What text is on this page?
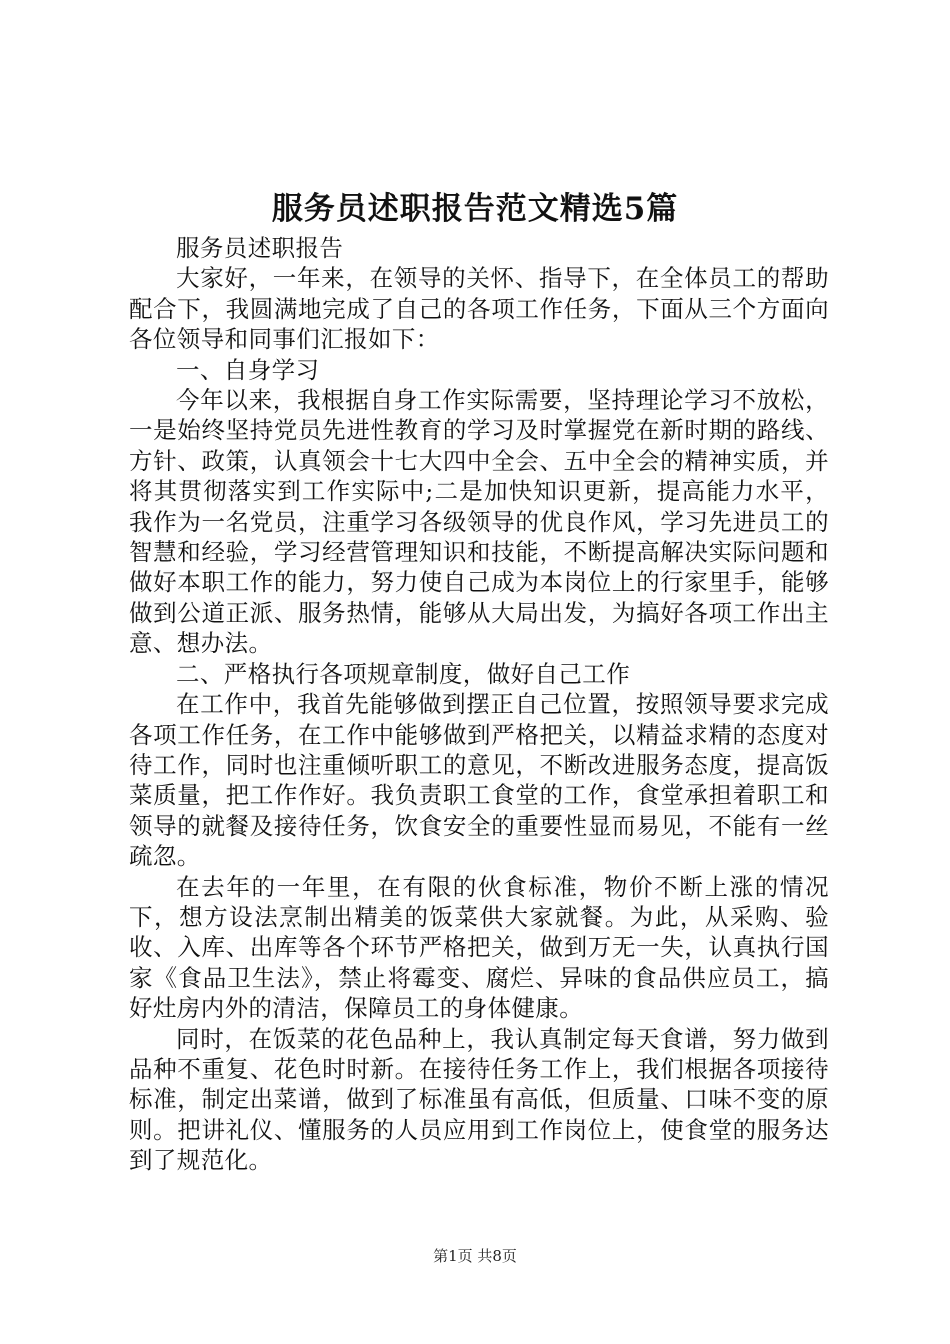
服务员述职报告范文精选5篇

服务员述职报告

大家好，一年来，在领导的关怀、指导下，在全体员工的帮助配合下，我圆满地完成了自己的各项工作任务，下面从三个方面向各位领导和同事们汇报如下：

一、自身学习

今年以来，我根据自身工作实际需要，坚持理论学习不放松，一是始终坚持党员先进性教育的学习及时掌握党在新时期的路线、方针、政策，认真领会十七大四中全会、五中全会的精神实质，并将其贯彻落实到工作实际中;二是加快知识更新，提高能力水平，我作为一名党员，注重学习各级领导的优良作风，学习先进员工的智慧和经验，学习经营管理知识和技能，不断提高解决实际问题和做好本职工作的能力，努力使自己成为本岗位上的行家里手，能够做到公道正派、服务热情，能够从大局出发，为搞好各项工作出主意、想办法。

二、严格执行各项规章制度，做好自己工作

在工作中，我首先能够做到摆正自己位置，按照领导要求完成各项工作任务，在工作中能够做到严格把关，以精益求精的态度对待工作，同时也注重倾听职工的意见，不断改进服务态度，提高饭菜质量，把工作作好。我负责职工食堂的工作，食堂承担着职工和领导的就餐及接待任务，饮食安全的重要性显而易见，不能有一丝疏忽。

在去年的一年里，在有限的伙食标准，物价不断上涨的情况下，想方设法烹制出精美的饭菜供大家就餐。为此，从采购、验收、入库、出库等各个环节严格把关，做到万无一失，认真执行国家《食品卫生法》，禁止将霉变、腐烂、异味的食品供应员工，搞好灶房内外的清洁，保障员工的身体健康。

同时，在饭菜的花色品种上，我认真制定每天食谱，努力做到品种不重复、花色时时新。在接待任务工作上，我们根据各项接待标准，制定出菜谱，做到了标准虽有高低，但质量、口味不变的原则。把讲礼仪、懂服务的人员应用到工作岗位上，使食堂的服务达到了规范化。

第1页 共8页
